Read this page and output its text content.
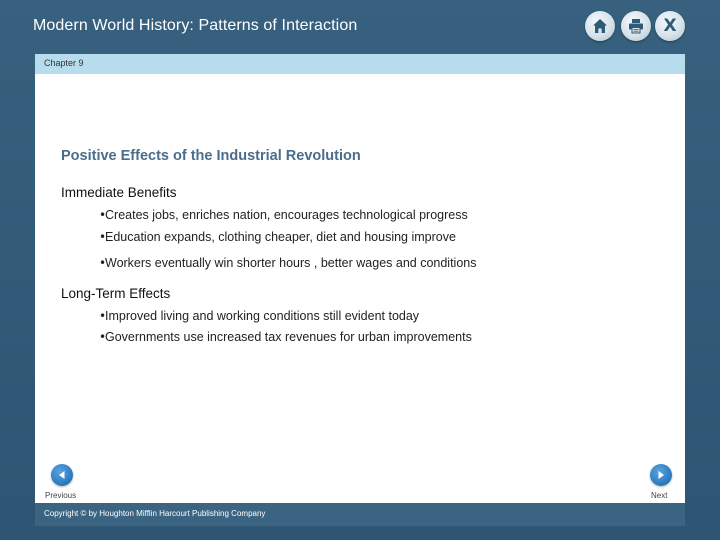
Modern World History: Patterns of Interaction	X
Chapter 9
Positive Effects of the Industrial Revolution
Immediate Benefits
•
Creates jobs, enriches nation, encourages technological progress
•
Education expands, clothing cheaper, diet and housing improve
•
Workers eventually win shorter hours , better wages and conditions
Long-Term Effects
•
Improved living and working conditions still evident today
•
Governments use increased tax revenues for urban improvements
Previous	Next
Copyright © by Houghton Mifflin Harcourt Publishing Company
